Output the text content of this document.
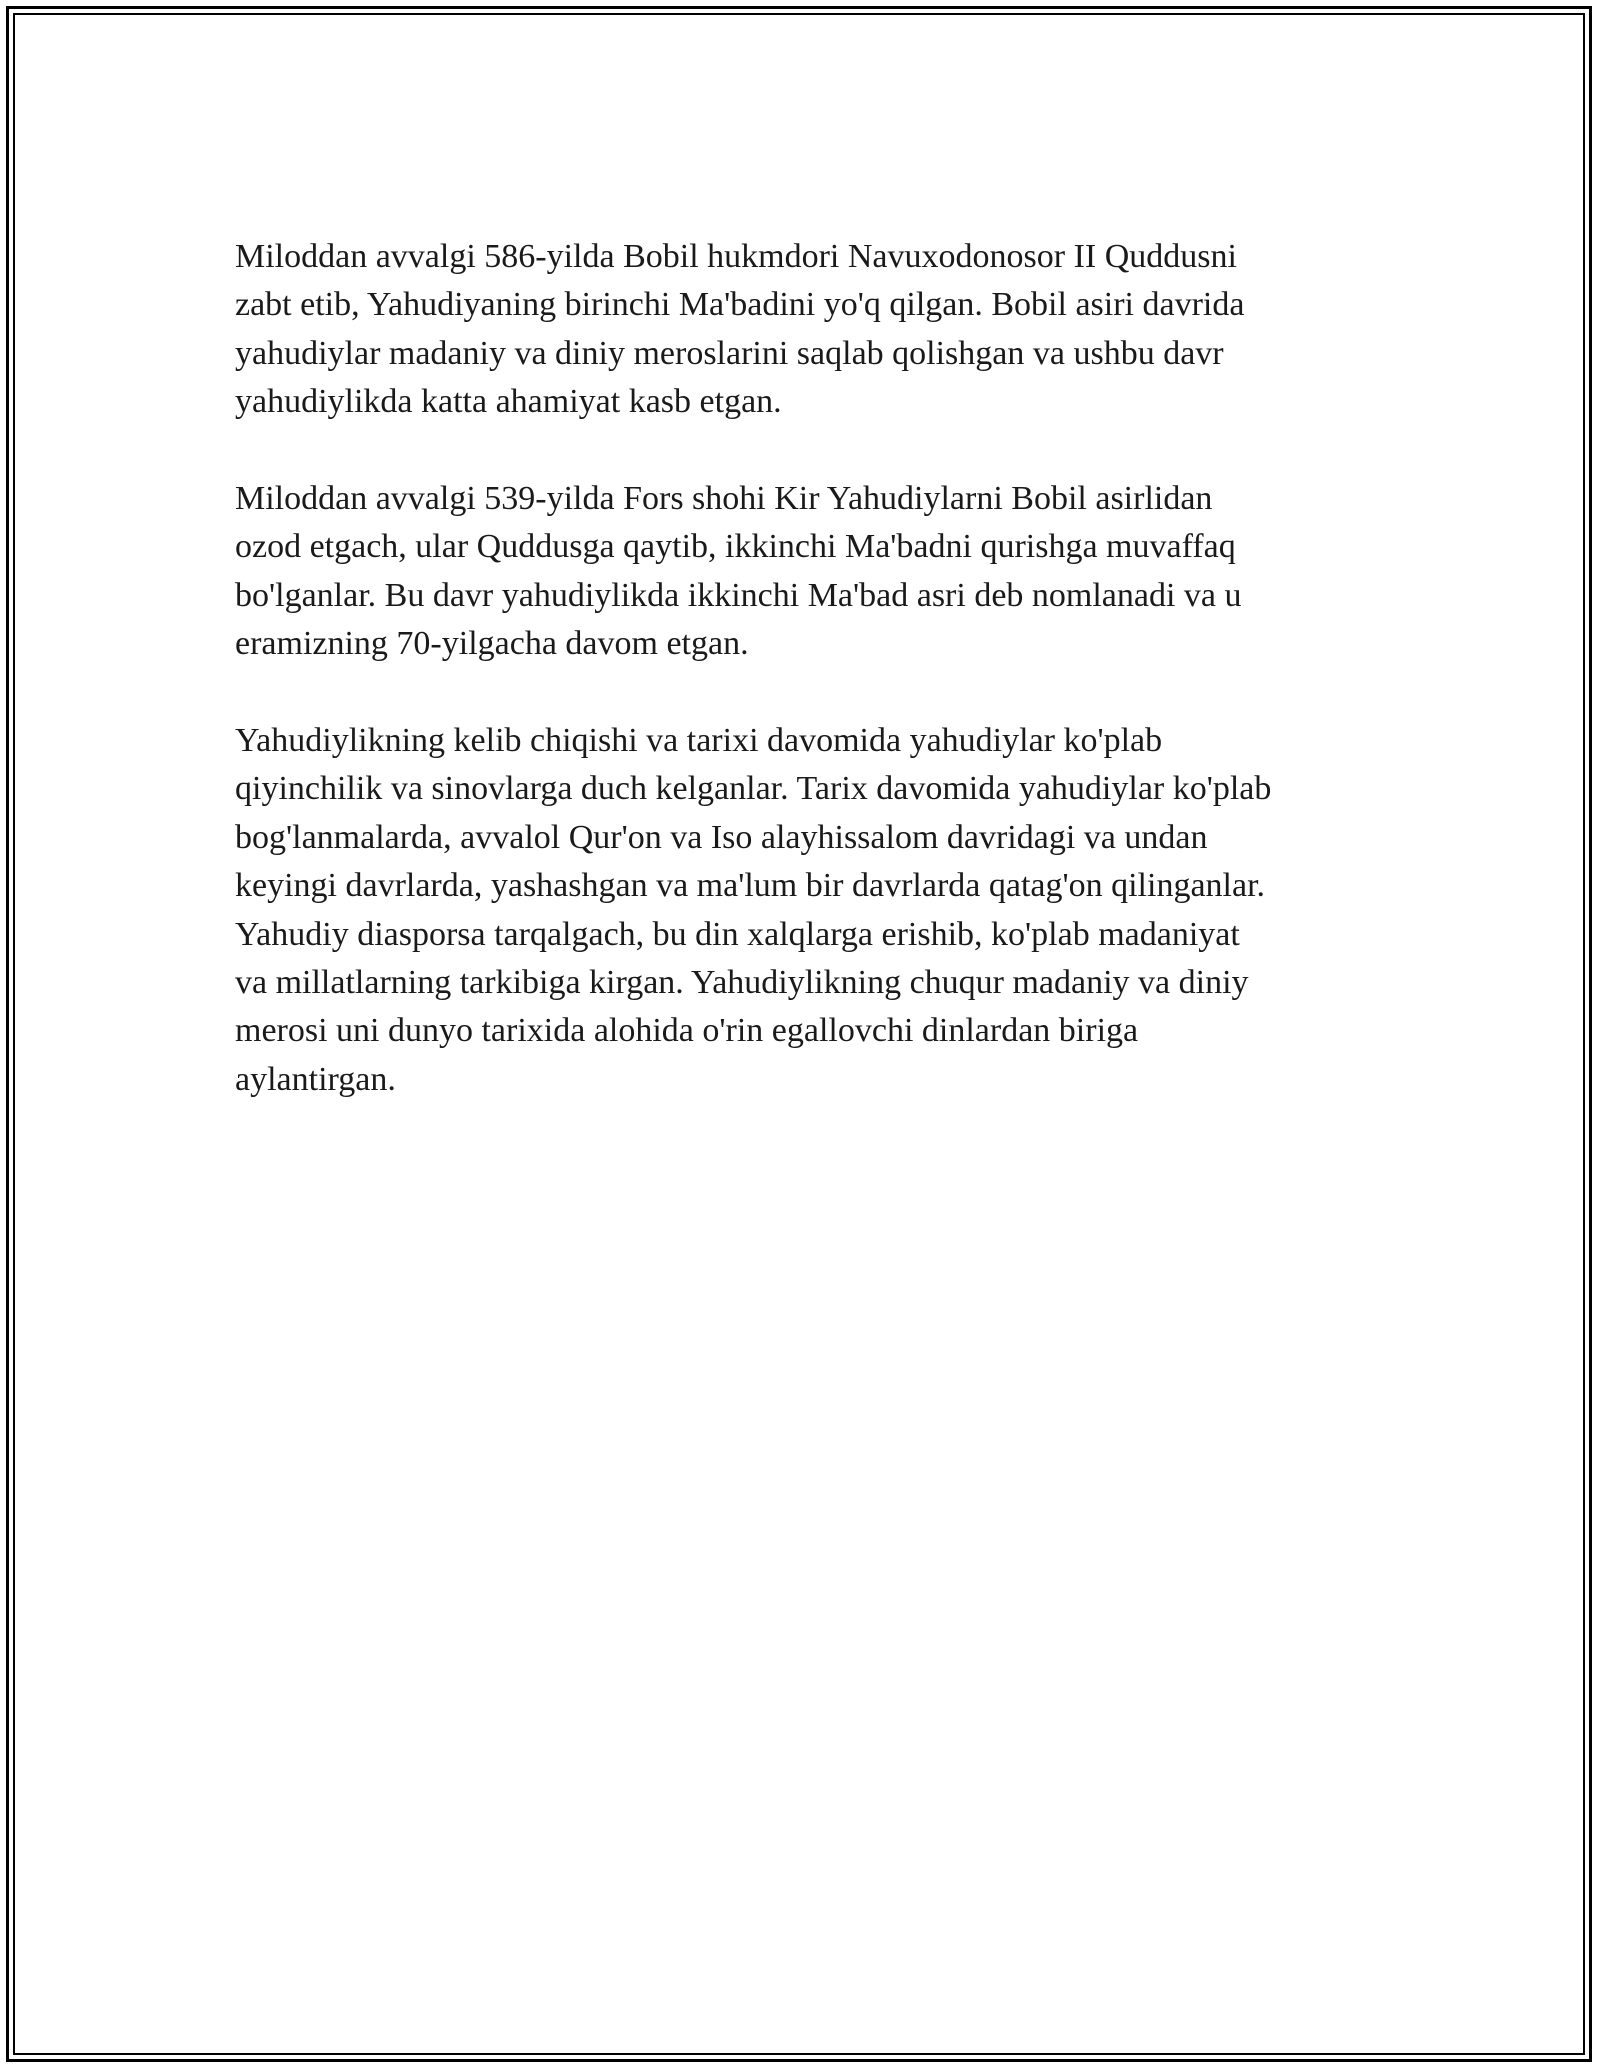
Miloddan avvalgi 586-yilda Bobil hukmdori Navuxodonosor II Quddusni
zabt etib, Yahudiyaning birinchi Ma'badini yo'q qilgan. Bobil asiri davrida
yahudiylar madaniy va diniy meroslarini saqlab qolishgan va ushbu davr
yahudiylikda katta ahamiyat kasb etgan.

Miloddan avvalgi 539-yilda Fors shohi Kir Yahudiylarni Bobil asirlidan
ozod etgach, ular Quddusga qaytib, ikkinchi Ma'badni qurishga muvaffaq
bo'lganlar. Bu davr yahudiylikda ikkinchi Ma'bad asri deb nomlanadi va u
eramizning 70-yilgacha davom etgan.

Yahudiylikning kelib chiqishi va tarixi davomida yahudiylar ko'plab
qiyinchilik va sinovlarga duch kelganlar. Tarix davomida yahudiylar ko'plab
bog'lanmalarda, avvalol Qur'on va Iso alayhissalom davridagi va undan
keyingi davrlarda, yashashgan va ma'lum bir davrlarda qatag'on qilinganlar.
Yahudiy diasporsa tarqalgach, bu din xalqlarga erishib, ko'plab madaniyat
va millatlarning tarkibiga kirgan. Yahudiylikning chuqur madaniy va diniy
merosi uni dunyo tarixida alohida o'rin egallovchi dinlardan biriga
aylantirgan.
